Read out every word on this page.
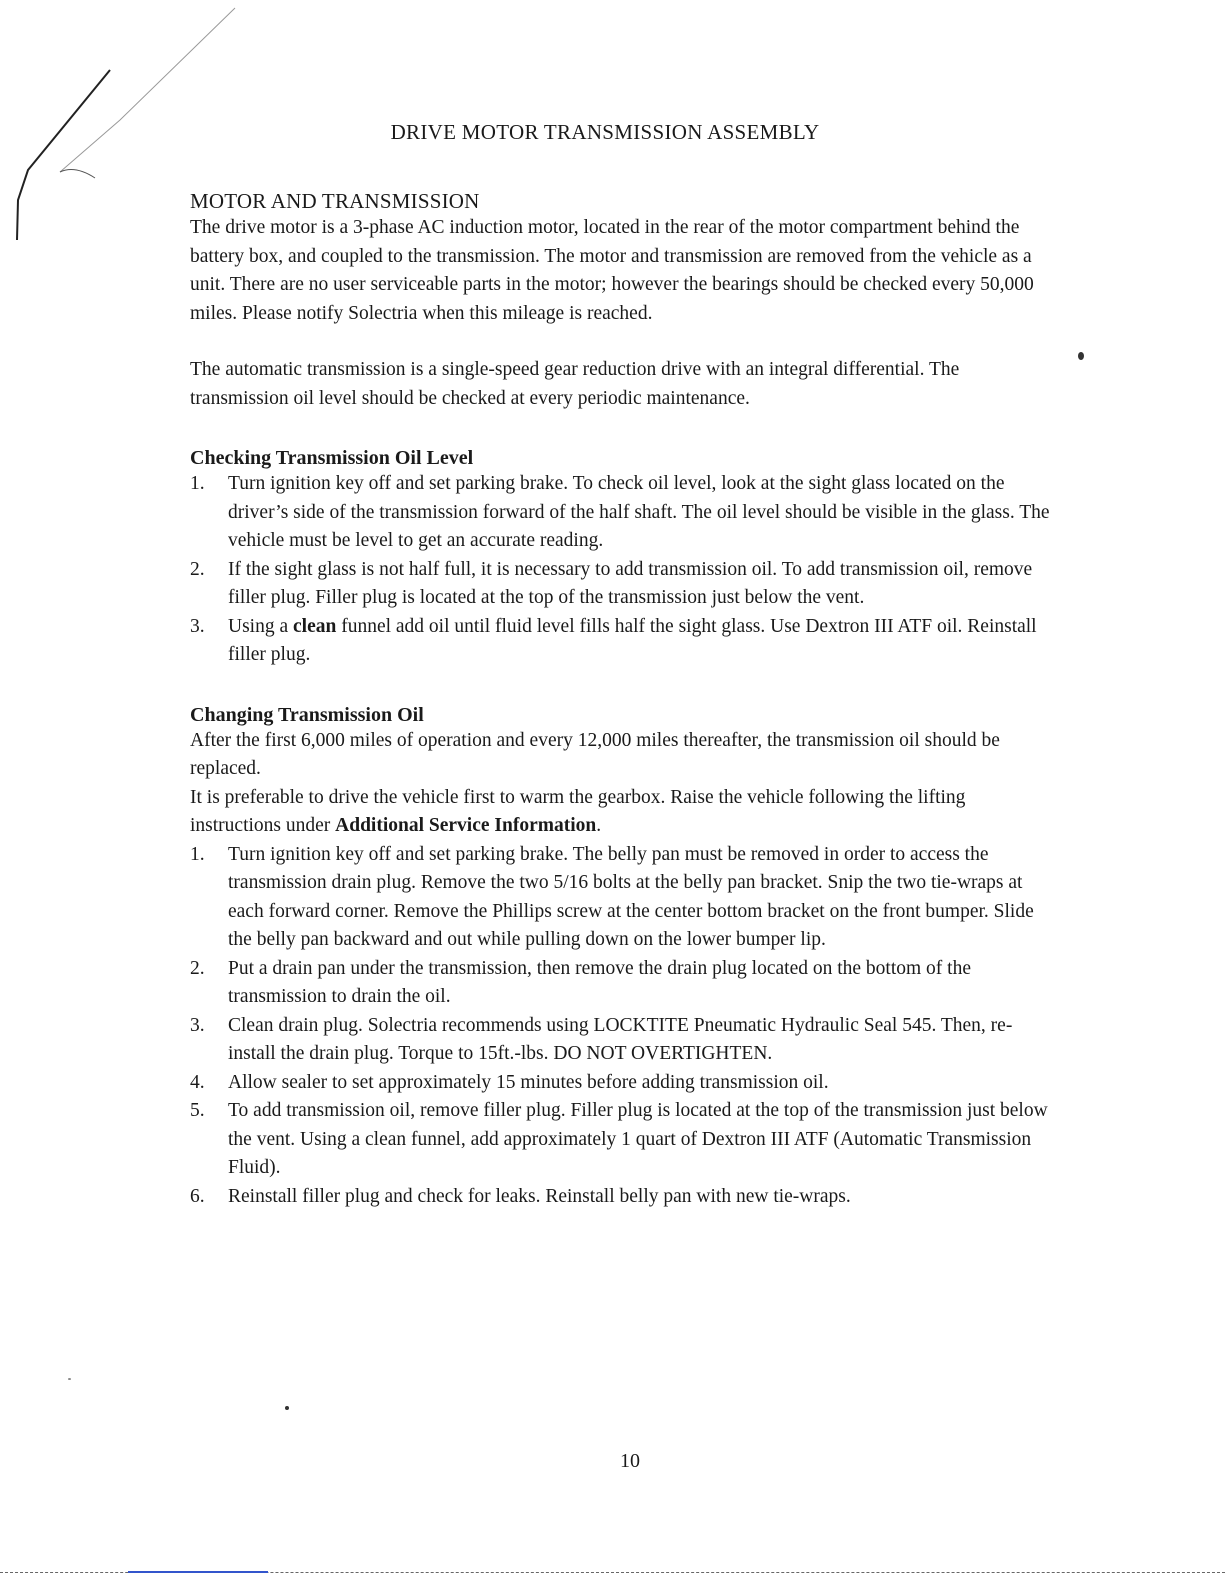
DRIVE MOTOR TRANSMISSION ASSEMBLY
MOTOR AND TRANSMISSION

The drive motor is a 3-phase AC induction motor, located in the rear of the motor compartment behind the battery box, and coupled to the transmission. The motor and transmission are removed from the vehicle as a unit. There are no user serviceable parts in the motor; however the bearings should be checked every 50,000 miles. Please notify Solectria when this mileage is reached.

The automatic transmission is a single-speed gear reduction drive with an integral differential. The transmission oil level should be checked at every periodic maintenance.

Checking Transmission Oil Level
1. Turn ignition key off and set parking brake. To check oil level, look at the sight glass located on the driver’s side of the transmission forward of the half shaft. The oil level should be visible in the glass. The vehicle must be level to get an accurate reading.
2. If the sight glass is not half full, it is necessary to add transmission oil. To add transmission oil, remove filler plug. Filler plug is located at the top of the transmission just below the vent.
3. Using a clean funnel add oil until fluid level fills half the sight glass. Use Dextron III ATF oil. Reinstall filler plug.
Changing Transmission Oil

After the first 6,000 miles of operation and every 12,000 miles thereafter, the transmission oil should be replaced.

It is preferable to drive the vehicle first to warm the gearbox. Raise the vehicle following the lifting instructions under Additional Service Information.

1. Turn ignition key off and set parking brake. The belly pan must be removed in order to access the transmission drain plug. Remove the two 5/16 bolts at the belly pan bracket. Snip the two tie-wraps at each forward corner. Remove the Phillips screw at the center bottom bracket on the front bumper. Slide the belly pan backward and out while pulling down on the lower bumper lip.
2. Put a drain pan under the transmission, then remove the drain plug located on the bottom of the transmission to drain the oil.
3. Clean drain plug. Solectria recommends using LOCKTITE Pneumatic Hydraulic Seal 545. Then, re-install the drain plug. Torque to 15ft.-lbs. DO NOT OVERTIGHTEN.
4. Allow sealer to set approximately 15 minutes before adding transmission oil.
5. To add transmission oil, remove filler plug. Filler plug is located at the top of the transmission just below the vent. Using a clean funnel, add approximately 1 quart of Dextron III ATF (Automatic Transmission Fluid).
6. Reinstall filler plug and check for leaks. Reinstall belly pan with new tie-wraps.
10
